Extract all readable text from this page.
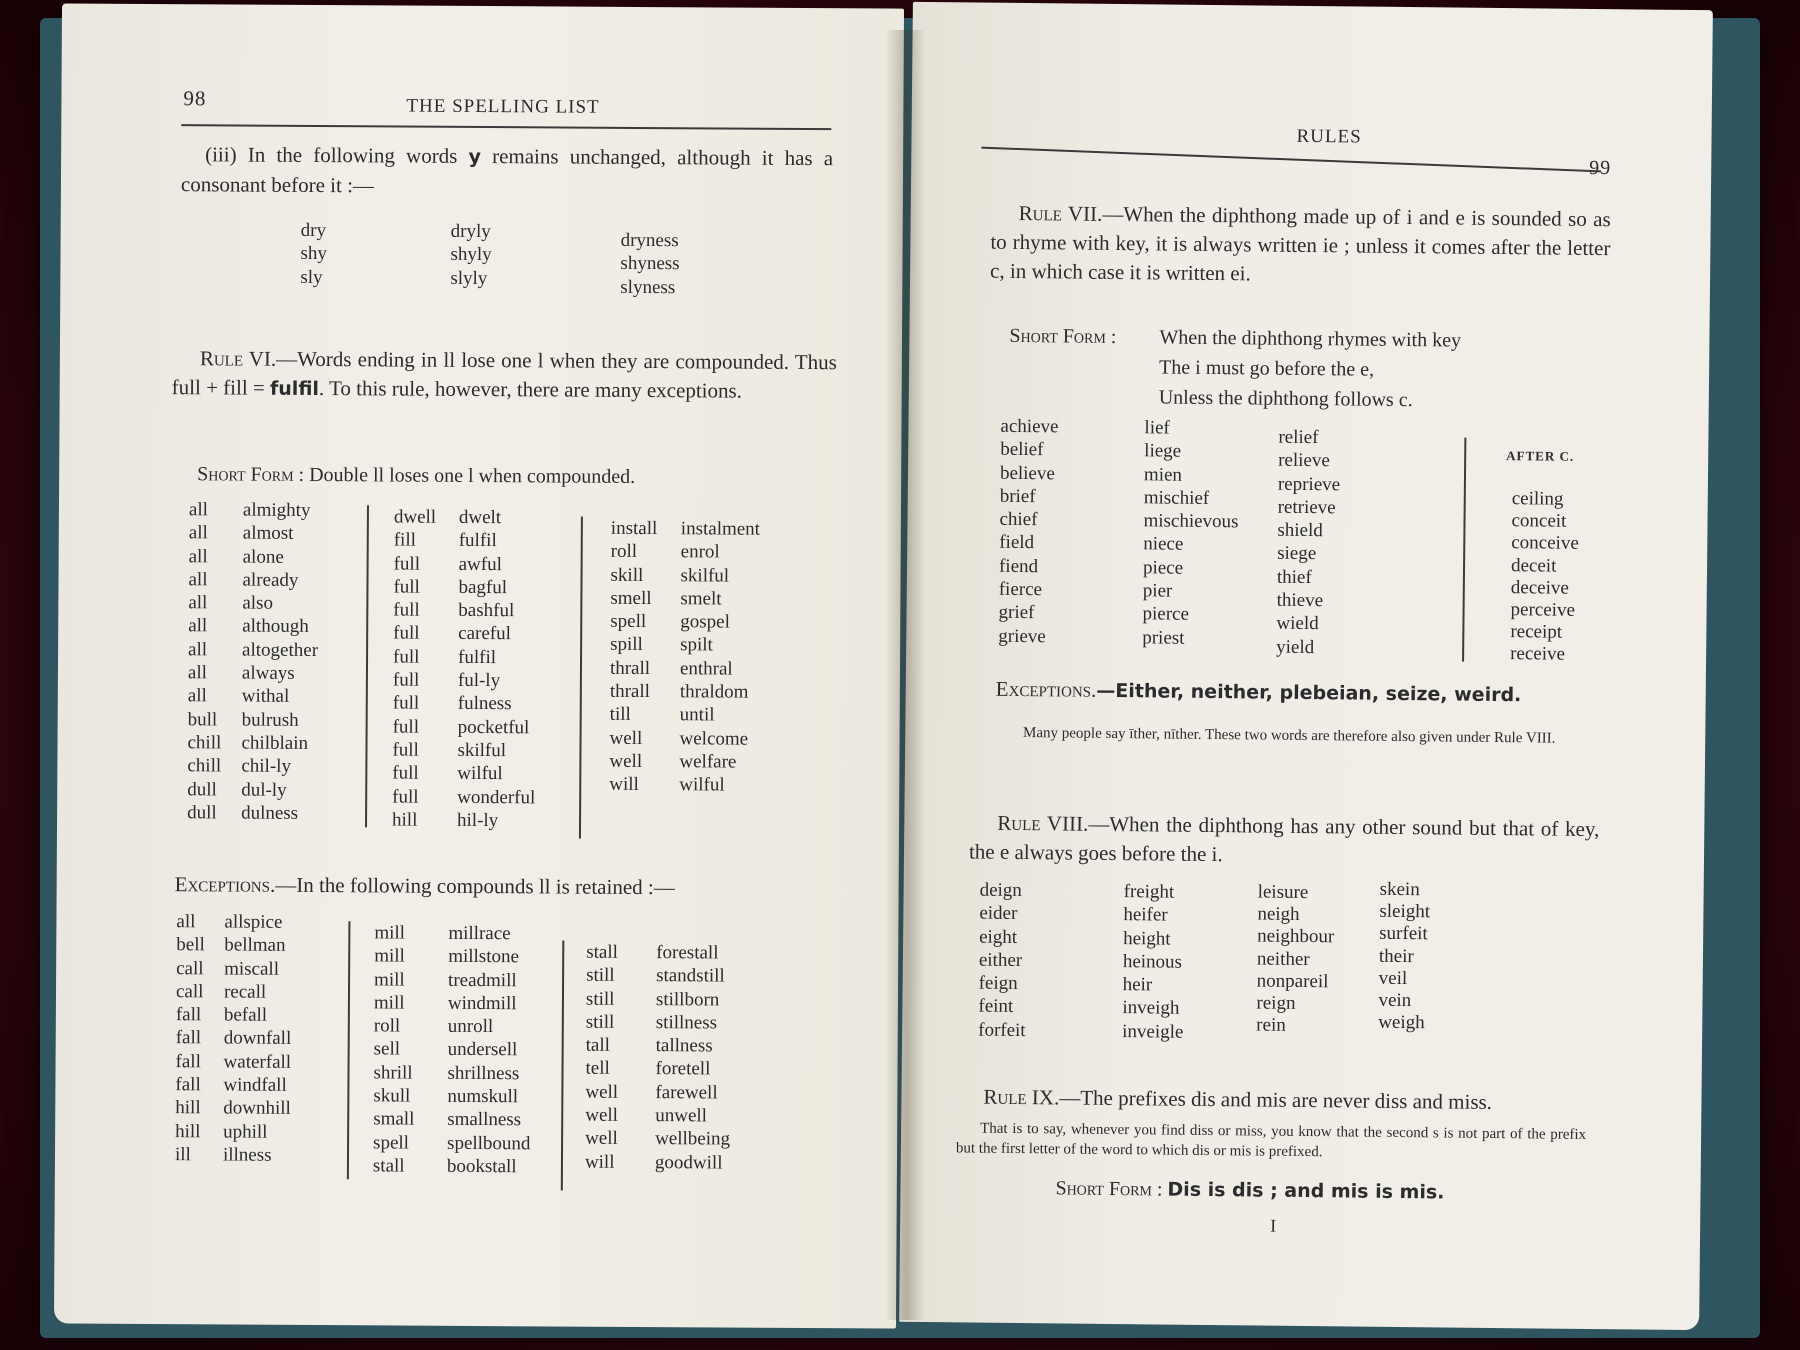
98	THE SPELLING LIST
(iii) In the following words y remains unchanged, although it has a consonant before it :—
dry
shy
sly
dryly
shyly
slyly
dryness
shyness
slyness
Rule VI.—Words ending in ll lose one l when they are compounded. Thus full + fill = fulfil. To this rule, however, there are many exceptions.
Short Form : Double ll loses one l when compounded.
all
all
all
all
all
all
all
all
all
bull
chill
chill
dull
dull
almighty
almost
alone
already
also
although
altogether
always
withal
bulrush
chilblain
chil-ly
dul-ly
dulness
dwell
fill
full
full
full
full
full
full
full
full
full
full
full
hill
dwelt
fulfil
awful
bagful
bashful
careful
fulfil
ful-ly
fulness
pocketful
skilful
wilful
wonderful
hil-ly
install
roll
skill
smell
spell
spill
thrall
thrall
till
well
well
will
instalment
enrol
skilful
smelt
gospel
spilt
enthral
thraldom
until
welcome
welfare
wilful
Exceptions.—In the following compounds ll is retained :—
all
bell
call
call
fall
fall
fall
fall
hill
hill
ill
allspice
bellman
miscall
recall
befall
downfall
waterfall
windfall
downhill
uphill
illness
mill
mill
mill
mill
roll
sell
shrill
skull
small
spell
stall
millrace
millstone
treadmill
windmill
unroll
undersell
shrillness
numskull
smallness
spellbound
bookstall
stall
still
still
still
tall
tell
well
well
well
will
forestall
standstill
stillborn
stillness
tallness
foretell
farewell
unwell
wellbeing
goodwill
RULES
99
Rule VII.—When the diphthong made up of i and e is sounded so as to rhyme with key, it is always written ie ; unless it comes after the letter c, in which case it is written ei.
Short Form : When the diphthong rhymes with key
The i must go before the e,
Unless the diphthong follows c.
achieve
belief
believe
brief
chief
field
fiend
fierce
grief
grieve
lief
liege
mien
mischief
mischievous
niece
piece
pier
pierce
priest
relief
relieve
reprieve
retrieve
shield
siege
thief
thieve
wield
yield
ceiling
conceit
conceive
deceit
deceive
perceive
receipt
receive
AFTER C.
Exceptions.—Either, neither, plebeian, seize, weird.
Many people say īther, nīther. These two words are therefore also given under Rule VIII.
Rule VIII.—When the diphthong has any other sound but that of key, the e always goes before the i.
deign
eider
eight
either
feign
feint
forfeit
freight
heifer
height
heinous
heir
inveigh
inveigle
leisure
neigh
neighbour
neither
nonpareil
reign
rein
skein
sleight
surfeit
their
veil
vein
weigh
Rule IX.—The prefixes dis and mis are never diss and miss.
That is to say, whenever you find diss or miss, you know that the second s is not part of the prefix but the first letter of the word to which dis or mis is prefixed.
Short Form : Dis is dis ; and mis is mis.
I
